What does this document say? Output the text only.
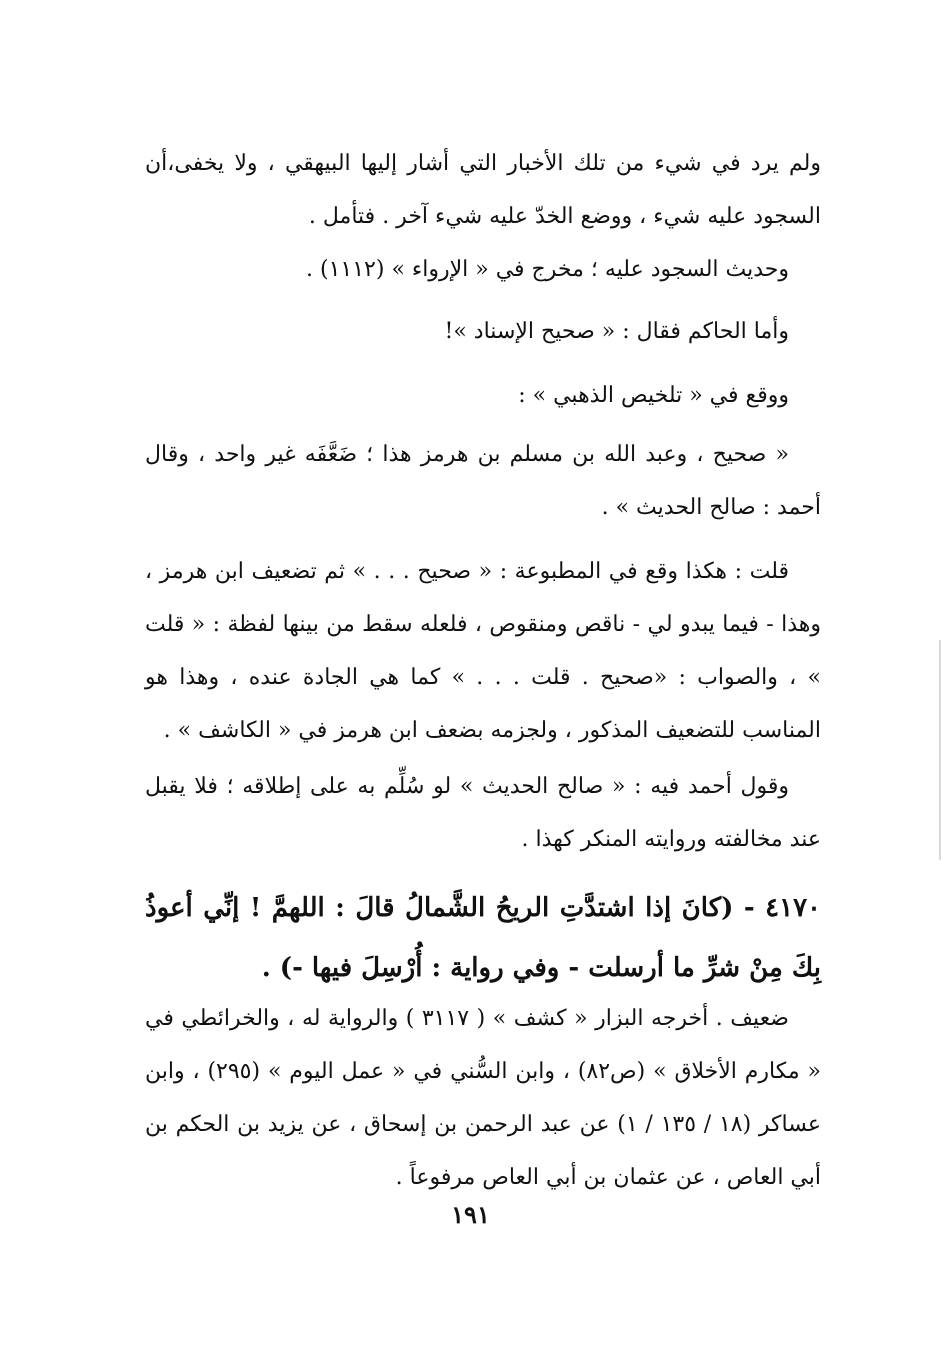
ولم يرد في شيء من تلك الأخبار التي أشار إليها البيهقي ، ولا يخفى،أن السجود عليه شيء ، ووضع الخدّ عليه شيء آخر . فتأمل .

وحديث السجود عليه ؛ مخرج في « الإرواء » (١١١٢) .

وأما الحاكم فقال : « صحيح الإسناد »!

ووقع في « تلخيص الذهبي » :

« صحيح ، وعبد الله بن مسلم بن هرمز هذا ؛ ضَعَّفَه غير واحد ، وقال أحمد : صالح الحديث » .

قلت : هكذا وقع في المطبوعة : « صحيح . . . » ثم تضعيف ابن هرمز ، وهذا - فيما يبدو لي - ناقص ومنقوص ، فلعله سقط من بينها لفظة : « قلت » ، والصواب : «صحيح . قلت . . . » كما هي الجادة عنده ، وهذا هو المناسب للتضعيف المذكور ، ولجزمه بضعف ابن هرمز في « الكاشف » .

وقول أحمد فيه : « صالح الحديث » لو سُلِّم به على إطلاقه ؛ فلا يقبل عند مخالفته وروايته المنكر كهذا .

٤١٧٠ - (كانَ إذا اشتدَّتِ الريحُ الشَّمالُ قالَ : اللهمَّ ! إنِّي أعوذُ بِكَ مِنْ شرِّ ما أرسلت - وفي رواية : أُرْسِلَ فيها -) .

ضعيف . أخرجه البزار « كشف » ( ٣١١٧ ) والرواية له ، والخرائطي في « مكارم الأخلاق » (ص٨٢) ، وابن السُّني في « عمل اليوم » (٢٩٥) ، وابن عساكر (١٨ / ١٣٥ / ١) عن عبد الرحمن بن إسحاق ، عن يزيد بن الحكم بن أبي العاص ، عن عثمان بن أبي العاص مرفوعاً .

١٩١
